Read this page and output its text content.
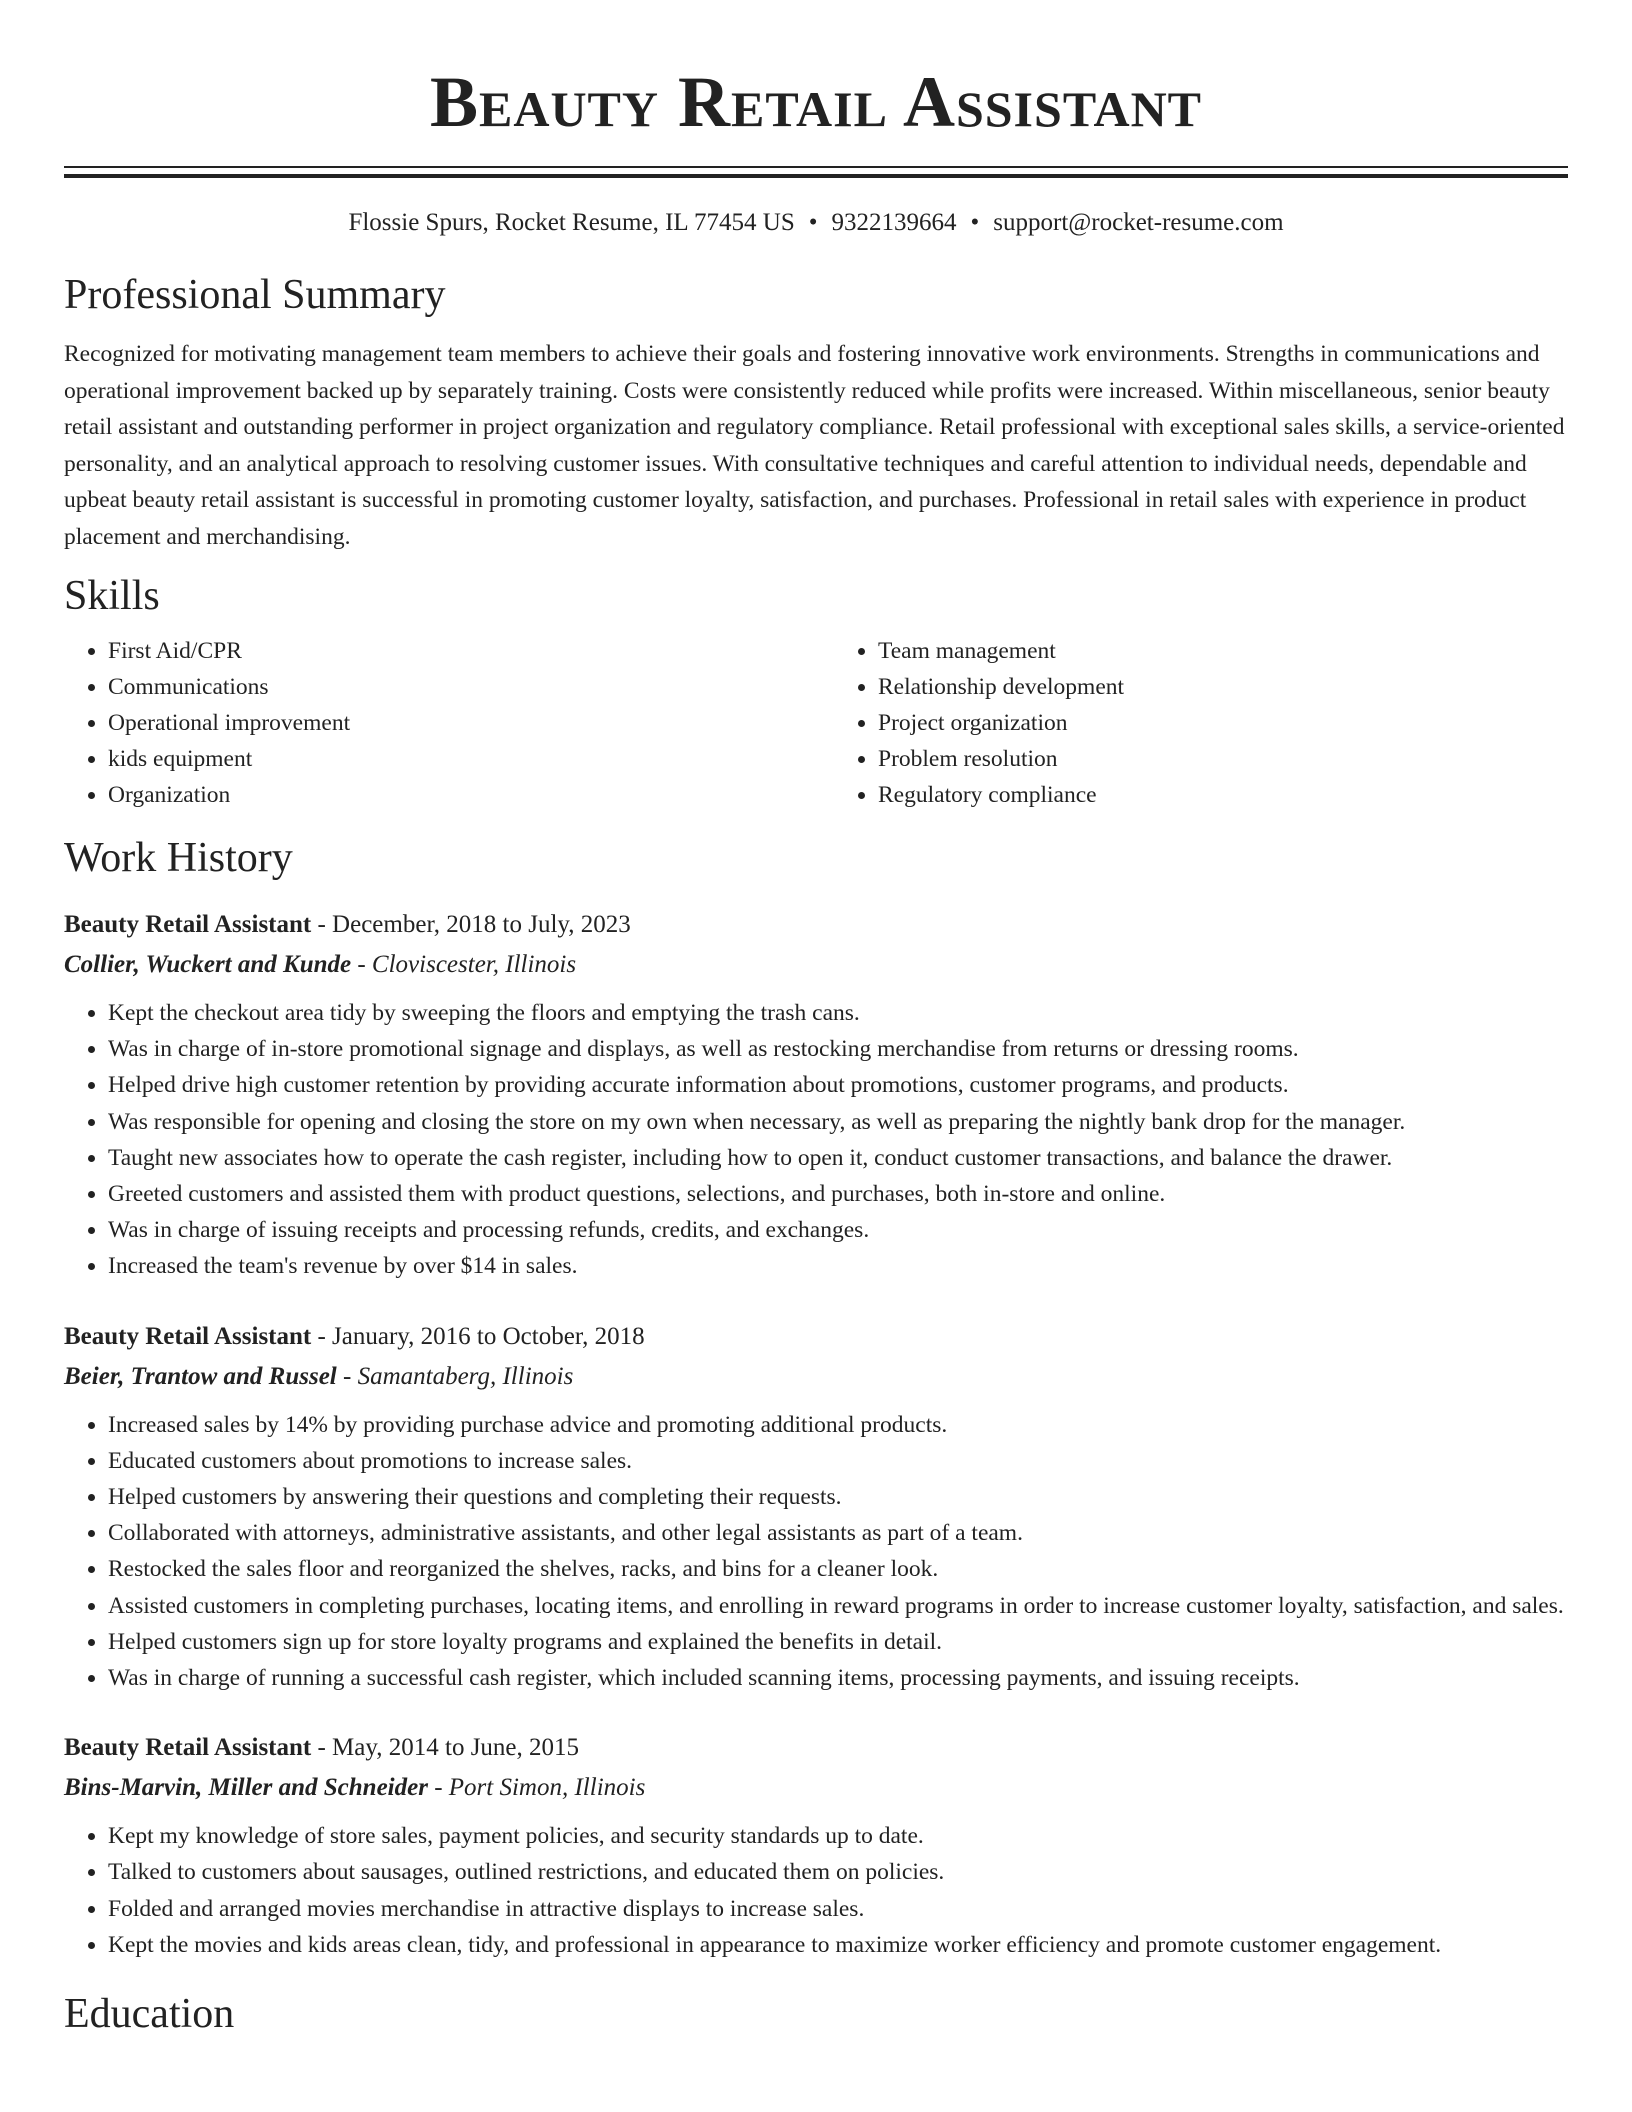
Beauty Retail Assistant
Flossie Spurs, Rocket Resume, IL 77454 US • 9322139664 • support@rocket-resume.com
Professional Summary
Recognized for motivating management team members to achieve their goals and fostering innovative work environments. Strengths in communications and operational improvement backed up by separately training. Costs were consistently reduced while profits were increased. Within miscellaneous, senior beauty retail assistant and outstanding performer in project organization and regulatory compliance. Retail professional with exceptional sales skills, a service-oriented personality, and an analytical approach to resolving customer issues. With consultative techniques and careful attention to individual needs, dependable and upbeat beauty retail assistant is successful in promoting customer loyalty, satisfaction, and purchases. Professional in retail sales with experience in product placement and merchandising.
Skills
• First Aid/CPR
• Communications
• Operational improvement
• kids equipment
• Organization
• Team management
• Relationship development
• Project organization
• Problem resolution
• Regulatory compliance
Work History
Beauty Retail Assistant - December, 2018 to July, 2023
Collier, Wuckert and Kunde - Cloviscester, Illinois
• Kept the checkout area tidy by sweeping the floors and emptying the trash cans.
• Was in charge of in-store promotional signage and displays, as well as restocking merchandise from returns or dressing rooms.
• Helped drive high customer retention by providing accurate information about promotions, customer programs, and products.
• Was responsible for opening and closing the store on my own when necessary, as well as preparing the nightly bank drop for the manager.
• Taught new associates how to operate the cash register, including how to open it, conduct customer transactions, and balance the drawer.
• Greeted customers and assisted them with product questions, selections, and purchases, both in-store and online.
• Was in charge of issuing receipts and processing refunds, credits, and exchanges.
• Increased the team's revenue by over $14 in sales.
Beauty Retail Assistant - January, 2016 to October, 2018
Beier, Trantow and Russel - Samantaberg, Illinois
• Increased sales by 14% by providing purchase advice and promoting additional products.
• Educated customers about promotions to increase sales.
• Helped customers by answering their questions and completing their requests.
• Collaborated with attorneys, administrative assistants, and other legal assistants as part of a team.
• Restocked the sales floor and reorganized the shelves, racks, and bins for a cleaner look.
• Assisted customers in completing purchases, locating items, and enrolling in reward programs in order to increase customer loyalty, satisfaction, and sales.
• Helped customers sign up for store loyalty programs and explained the benefits in detail.
• Was in charge of running a successful cash register, which included scanning items, processing payments, and issuing receipts.
Beauty Retail Assistant - May, 2014 to June, 2015
Bins-Marvin, Miller and Schneider - Port Simon, Illinois
• Kept my knowledge of store sales, payment policies, and security standards up to date.
• Talked to customers about sausages, outlined restrictions, and educated them on policies.
• Folded and arranged movies merchandise in attractive displays to increase sales.
• Kept the movies and kids areas clean, tidy, and professional in appearance to maximize worker efficiency and promote customer engagement.
Education
